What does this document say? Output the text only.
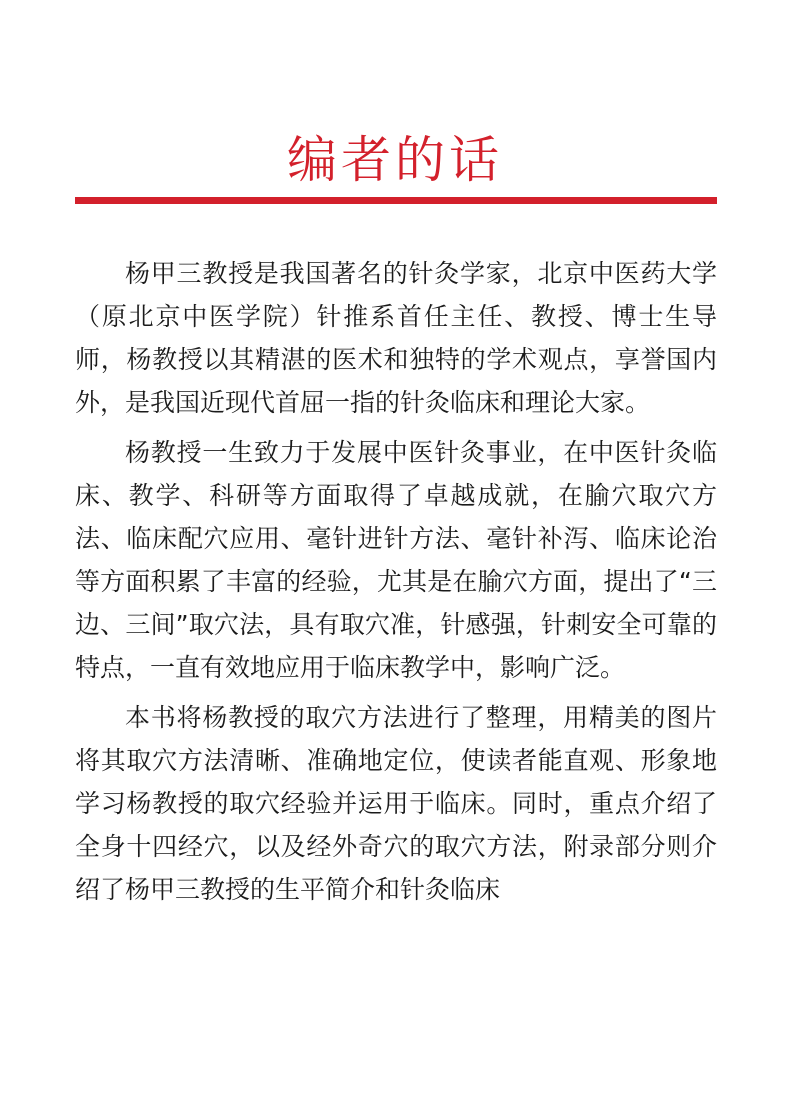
编者的话

杨甲三教授是我国著名的针灸学家，北京中医药大学（原北京中医学院）针推系首任主任、教授、博士生导师，杨教授以其精湛的医术和独特的学术观点，享誉国内外，是我国近现代首屈一指的针灸临床和理论大家。

杨教授一生致力于发展中医针灸事业，在中医针灸临床、教学、科研等方面取得了卓越成就，在腧穴取穴方法、临床配穴应用、毫针进针方法、毫针补泻、临床论治等方面积累了丰富的经验，尤其是在腧穴方面，提出了“三边、三间”取穴法，具有取穴准，针感强，针刺安全可靠的特点，一直有效地应用于临床教学中，影响广泛。

本书将杨教授的取穴方法进行了整理，用精美的图片将其取穴方法清晰、准确地定位，使读者能直观、形象地学习杨教授的取穴经验并运用于临床。同时，重点介绍了全身十四经穴，以及经外奇穴的取穴方法，附录部分则介绍了杨甲三教授的生平简介和针灸临床
